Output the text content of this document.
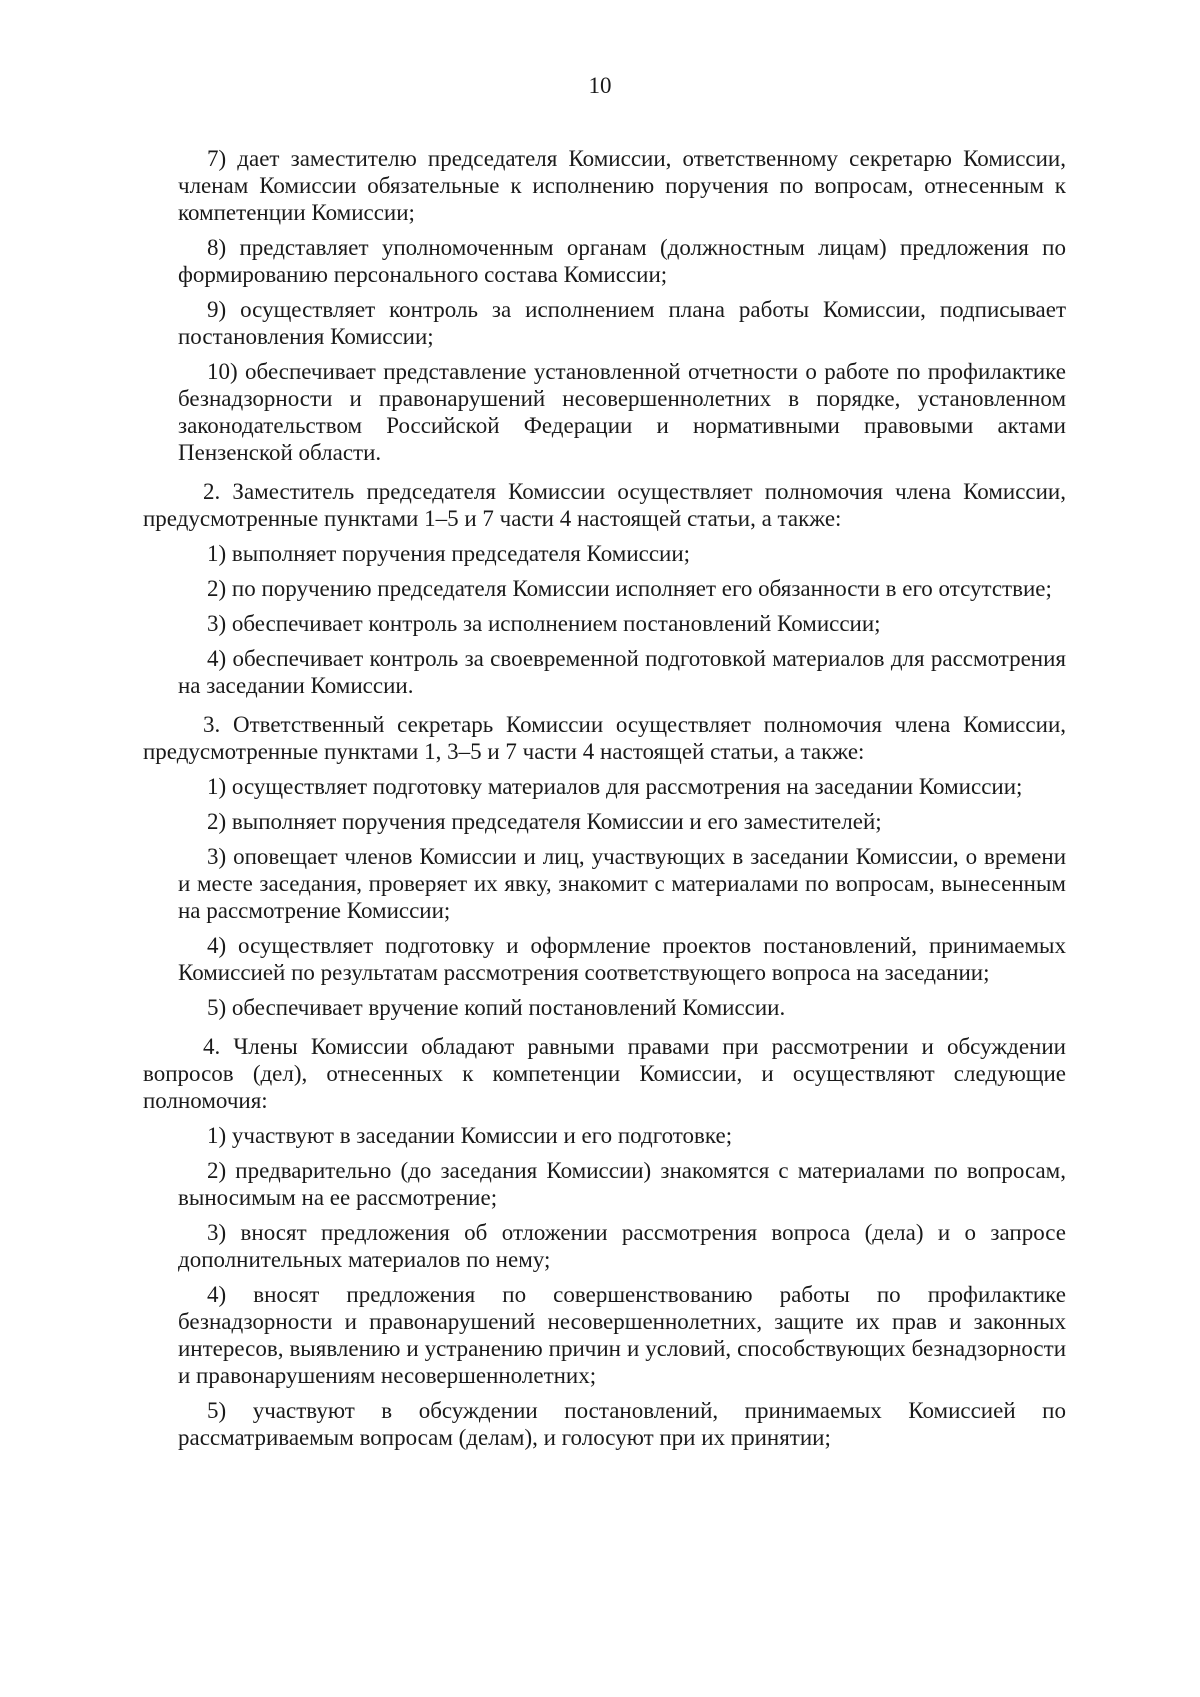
10

7) дает заместителю председателя Комиссии, ответственному секретарю Комиссии, членам Комиссии обязательные к исполнению поручения по вопросам, отнесенным к компетенции Комиссии;

8) представляет уполномоченным органам (должностным лицам) предложения по формированию персонального состава Комиссии;

9) осуществляет контроль за исполнением плана работы Комиссии, подписывает постановления Комиссии;

10) обеспечивает представление установленной отчетности о работе по профилактике безнадзорности и правонарушений несовершеннолетних в порядке, установленном законодательством Российской Федерации и нормативными правовыми актами Пензенской области.

2. Заместитель председателя Комиссии осуществляет полномочия члена Комиссии, предусмотренные пунктами 1–5 и 7 части 4 настоящей статьи, а также:

1) выполняет поручения председателя Комиссии;

2) по поручению председателя Комиссии исполняет его обязанности в его отсутствие;

3) обеспечивает контроль за исполнением постановлений Комиссии;

4) обеспечивает контроль за своевременной подготовкой материалов для рассмотрения на заседании Комиссии.

3. Ответственный секретарь Комиссии осуществляет полномочия члена Комиссии, предусмотренные пунктами 1, 3–5 и 7 части 4 настоящей статьи, а также:

1) осуществляет подготовку материалов для рассмотрения на заседании Комиссии;

2) выполняет поручения председателя Комиссии и его заместителей;

3) оповещает членов Комиссии и лиц, участвующих в заседании Комиссии, о времени и месте заседания, проверяет их явку, знакомит с материалами по вопросам, вынесенным на рассмотрение Комиссии;

4) осуществляет подготовку и оформление проектов постановлений, принимаемых Комиссией по результатам рассмотрения соответствующего вопроса на заседании;

5) обеспечивает вручение копий постановлений Комиссии.

4. Члены Комиссии обладают равными правами при рассмотрении и обсуждении вопросов (дел), отнесенных к компетенции Комиссии, и осуществляют следующие полномочия:

1) участвуют в заседании Комиссии и его подготовке;

2) предварительно (до заседания Комиссии) знакомятся с материалами по вопросам, выносимым на ее рассмотрение;

3) вносят предложения об отложении рассмотрения вопроса (дела) и о запросе дополнительных материалов по нему;

4) вносят предложения по совершенствованию работы по профилактике безнадзорности и правонарушений несовершеннолетних, защите их прав и законных интересов, выявлению и устранению причин и условий, способствующих безнадзорности и правонарушениям несовершеннолетних;

5) участвуют в обсуждении постановлений, принимаемых Комиссией по рассматриваемым вопросам (делам), и голосуют при их принятии;
